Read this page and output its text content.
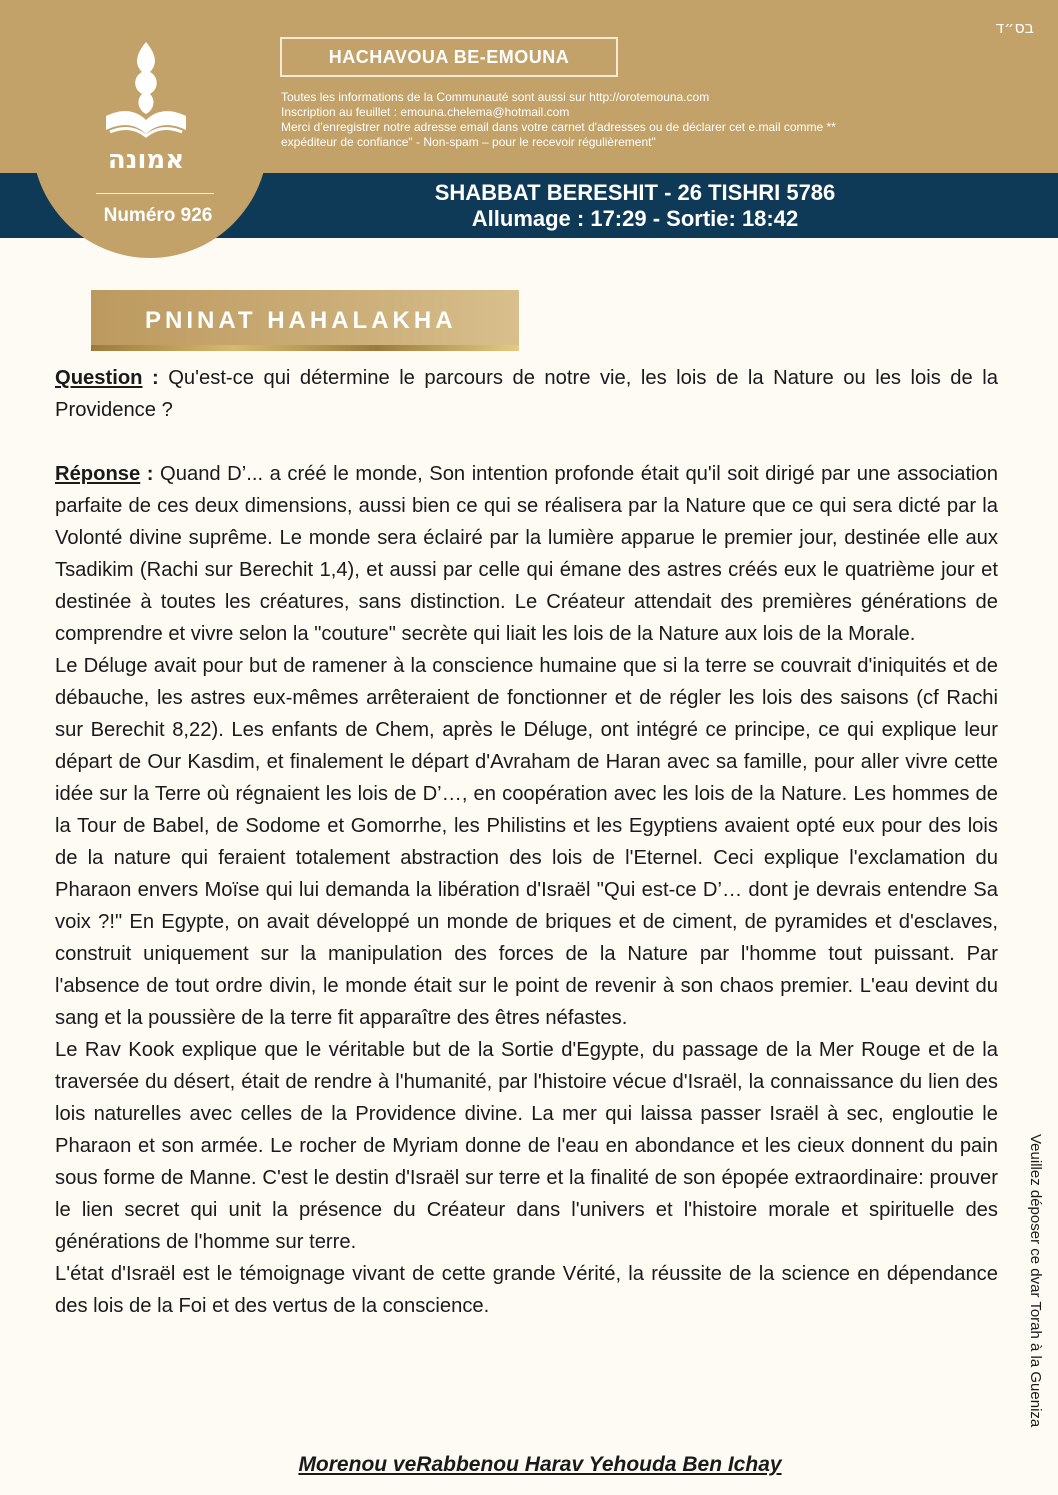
בס״ד
HACHAVOUA BE-EMOUNA
Toutes les informations de la Communauté sont aussi sur http://orotemouna.com
Inscription au feuillet : emouna.chelema@hotmail.com
Merci d'enregistrer notre adresse email dans votre carnet d'adresses ou de déclarer cet e.mail comme **
expéditeur de confiance" - Non-spam – pour le recevoir régulièrement"
SHABBAT BERESHIT - 26 TISHRI 5786
Allumage : 17:29 - Sortie: 18:42
אמונה
Numéro 926
PNINAT HAHALAKHA

Question : Qu'est-ce qui détermine le parcours de notre vie, les lois de la Nature ou les lois de la Providence ?

Réponse : Quand D’... a créé le monde, Son intention profonde était qu'il soit dirigé par une association parfaite de ces deux dimensions, aussi bien ce qui se réalisera par la Nature que ce qui sera dicté par la Volonté divine suprême. Le monde sera éclairé par la lumière apparue le premier jour, destinée elle aux Tsadikim (Rachi sur Berechit 1,4), et aussi par celle qui émane des astres créés eux le quatrième jour et destinée à toutes les créatures, sans distinction. Le Créateur attendait des premières générations de comprendre et vivre selon la "couture" secrète qui liait les lois de la Nature aux lois de la Morale.

Le Déluge avait pour but de ramener à la conscience humaine que si la terre se couvrait d'iniquités et de débauche, les astres eux-mêmes arrêteraient de fonctionner et de régler les lois des saisons (cf Rachi sur Berechit 8,22). Les enfants de Chem, après le Déluge, ont intégré ce principe, ce qui explique leur départ de Our Kasdim, et finalement le départ d'Avraham de Haran avec sa famille, pour aller vivre cette idée sur la Terre où régnaient les lois de D’…, en coopération avec les lois de la Nature. Les hommes de la Tour de Babel, de Sodome et Gomorrhe, les Philistins et les Egyptiens avaient opté eux pour des lois de la nature qui feraient totalement abstraction des lois de l'Eternel. Ceci explique l'exclamation du Pharaon envers Moïse qui lui demanda la libération d'Israël "Qui est-ce D’… dont je devrais entendre Sa voix ?!" En Egypte, on avait développé un monde de briques et de ciment, de pyramides et d'esclaves, construit uniquement sur la manipulation des forces de la Nature par l'homme tout puissant. Par l'absence de tout ordre divin, le monde était sur le point de revenir à son chaos premier. L'eau devint du sang et la poussière de la terre fit apparaître des êtres néfastes.

Le Rav Kook explique que le véritable but de la Sortie d'Egypte, du passage de la Mer Rouge et de la traversée du désert, était de rendre à l'humanité, par l'histoire vécue d'Israël, la connaissance du lien des lois naturelles avec celles de la Providence divine. La mer qui laissa passer Israël à sec, engloutie le Pharaon et son armée. Le rocher de Myriam donne de l'eau en abondance et les cieux donnent du pain sous forme de Manne. C'est le destin d'Israël sur terre et la finalité de son épopée extraordinaire: prouver le lien secret qui unit la présence du Créateur dans l'univers et l'histoire morale et spirituelle des générations de l'homme sur terre.

L'état d'Israël est le témoignage vivant de cette grande Vérité, la réussite de la science en dépendance des lois de la Foi et des vertus de la conscience.

Morenou veRabbenou Harav Yehouda Ben Ichay
Veuillez déposer ce dvar Torah à la Guenizа
